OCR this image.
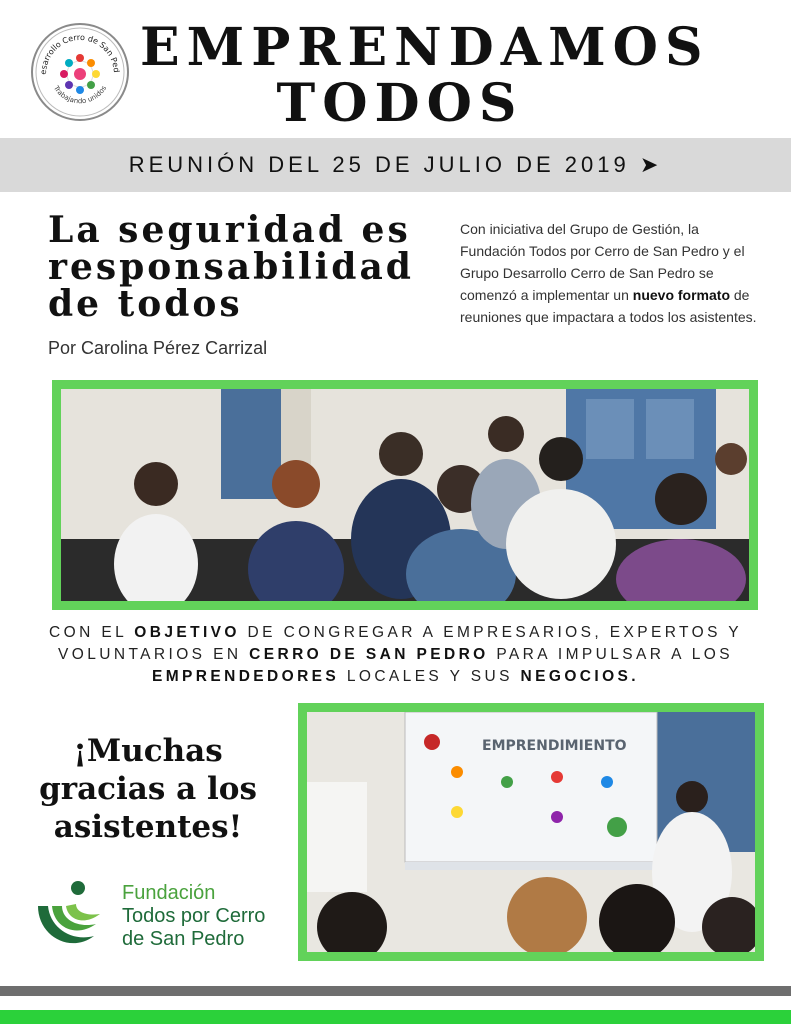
esarrollo Cerro de San Ped
Trabajando unidos
EMPRENDAMOS
TODOS
REUNIÓN DEL 25 DE JULIO DE 2019 ➤
La seguridad es
responsabilidad
de todos
Por Carolina Pérez Carrizal
Con iniciativa del Grupo de Gestión, la Fundación Todos por Cerro de San Pedro y el Grupo Desarrollo Cerro de San Pedro se comenzó a implementar un nuevo formato de reuniones que impactara a todos los asistentes.
CON EL OBJETIVO DE CONGREGAR A EMPRESARIOS, EXPERTOS Y VOLUNTARIOS EN CERRO DE SAN PEDRO PARA IMPULSAR A LOS EMPRENDEDORES LOCALES Y SUS NEGOCIOS.
¡Muchas
gracias a los
asistentes!
Fundación
Todos por Cerro
de San Pedro
EMPRENDIMIENTO
